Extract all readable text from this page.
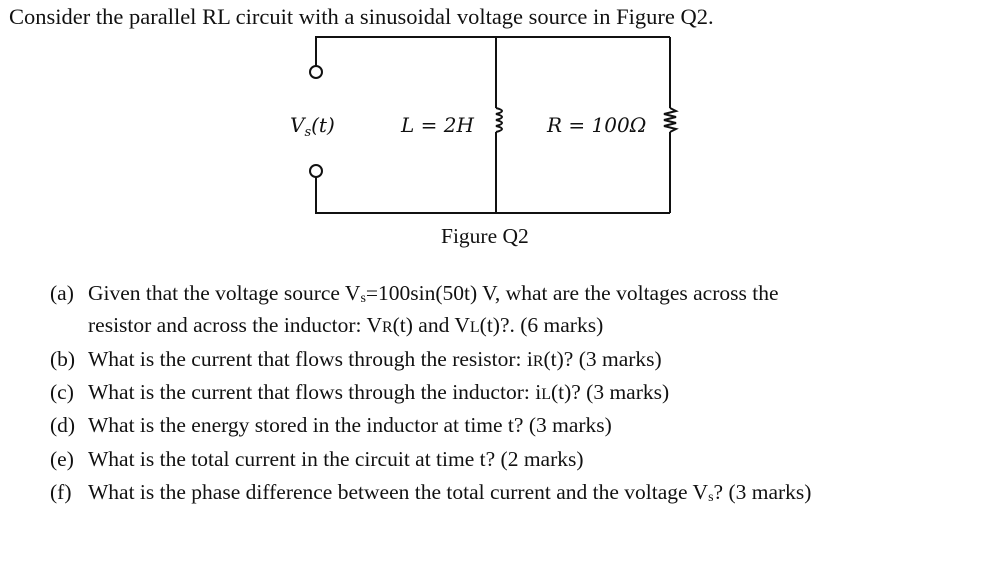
Consider the parallel RL circuit with a sinusoidal voltage source in Figure Q2.
$V_s(t)$	L = 2H	R = 100Ω
Figure Q2
(a) Given that the voltage source Vs=100sin(50t) V, what are the voltages across the
resistor and across the inductor: VR(t) and VL(t)?. (6 marks)
(b) What is the current that flows through the resistor: iR(t)? (3 marks)
(c) What is the current that flows through the inductor: iL(t)? (3 marks)
(d) What is the energy stored in the inductor at time t? (3 marks)
(e) What is the total current in the circuit at time t? (2 marks)
(f) What is the phase difference between the total current and the voltage Vs? (3 marks)
